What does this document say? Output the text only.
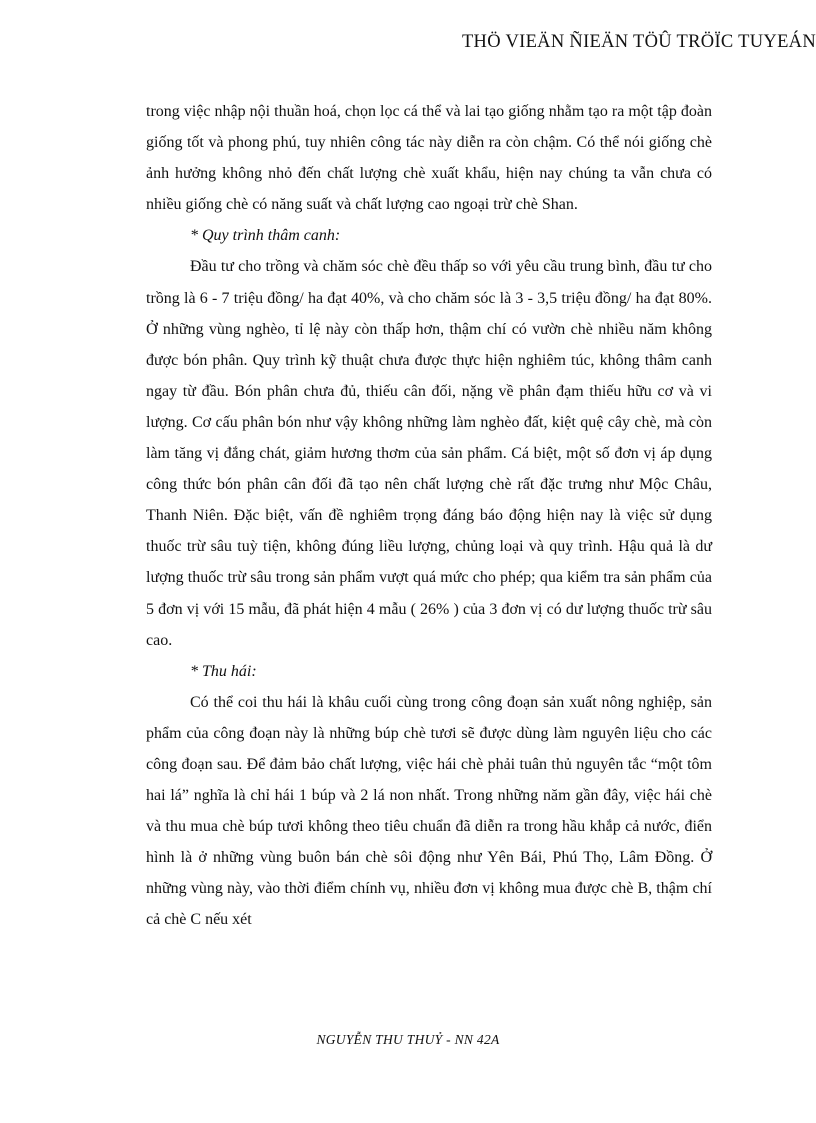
THÖ VIEÄN ÑIEÄN TÖÛ TRÖÏC TUYEÁN

trong việc nhập nội thuần hoá, chọn lọc cá thể và lai tạo giống nhằm tạo ra một tập đoàn giống tốt và phong phú, tuy nhiên công tác này diễn ra còn chậm. Có thể nói giống chè ảnh hưởng không nhỏ đến chất lượng chè xuất khẩu, hiện nay chúng ta vẫn chưa có nhiều giống chè có năng suất và chất lượng cao ngoại trừ chè Shan.

* Quy trình thâm canh:

Đầu tư cho trồng và chăm sóc chè đều thấp so với yêu cầu trung bình, đầu tư cho trồng là 6 - 7 triệu đồng/ ha đạt 40%, và cho chăm sóc là 3 - 3,5 triệu đồng/ ha đạt 80%. Ở những vùng nghèo, tỉ lệ này còn thấp hơn, thậm chí có vườn chè nhiều năm không được bón phân. Quy trình kỹ thuật chưa được thực hiện nghiêm túc, không thâm canh ngay từ đầu. Bón phân chưa đủ, thiếu cân đối, nặng về phân đạm thiếu hữu cơ và vi lượng. Cơ cấu phân bón như vậy không những làm nghèo đất, kiệt quệ cây chè, mà còn làm tăng vị đắng chát, giảm hương thơm của sản phẩm. Cá biệt, một số đơn vị áp dụng công thức bón phân cân đối đã tạo nên chất lượng chè rất đặc trưng như Mộc Châu, Thanh Niên. Đặc biệt, vấn đề nghiêm trọng đáng báo động hiện nay là việc sử dụng thuốc trừ sâu tuỳ tiện, không đúng liều lượng, chủng loại và quy trình. Hậu quả là dư lượng thuốc trừ sâu trong sản phẩm vượt quá mức cho phép; qua kiểm tra sản phẩm của 5 đơn vị với 15 mẫu, đã phát hiện 4 mẫu ( 26% ) của 3 đơn vị có dư lượng thuốc trừ sâu cao.

* Thu hái:

Có thể coi thu hái là khâu cuối cùng trong công đoạn sản xuất nông nghiệp, sản phẩm của công đoạn này là những búp chè tươi sẽ được dùng làm nguyên liệu cho các công đoạn sau. Để đảm bảo chất lượng, việc hái chè phải tuân thủ nguyên tắc “một tôm hai lá” nghĩa là chỉ hái 1 búp và 2 lá non nhất. Trong những năm gần đây, việc hái chè và thu mua chè búp tươi không theo tiêu chuẩn đã diễn ra trong hầu khắp cả nước, điển hình là ở những vùng buôn bán chè sôi động như Yên Bái, Phú Thọ, Lâm Đồng. Ở những vùng này, vào thời điểm chính vụ, nhiều đơn vị không mua được chè B, thậm chí cả chè C nếu xét

NGUYỄN THU THUỶ - NN 42A
